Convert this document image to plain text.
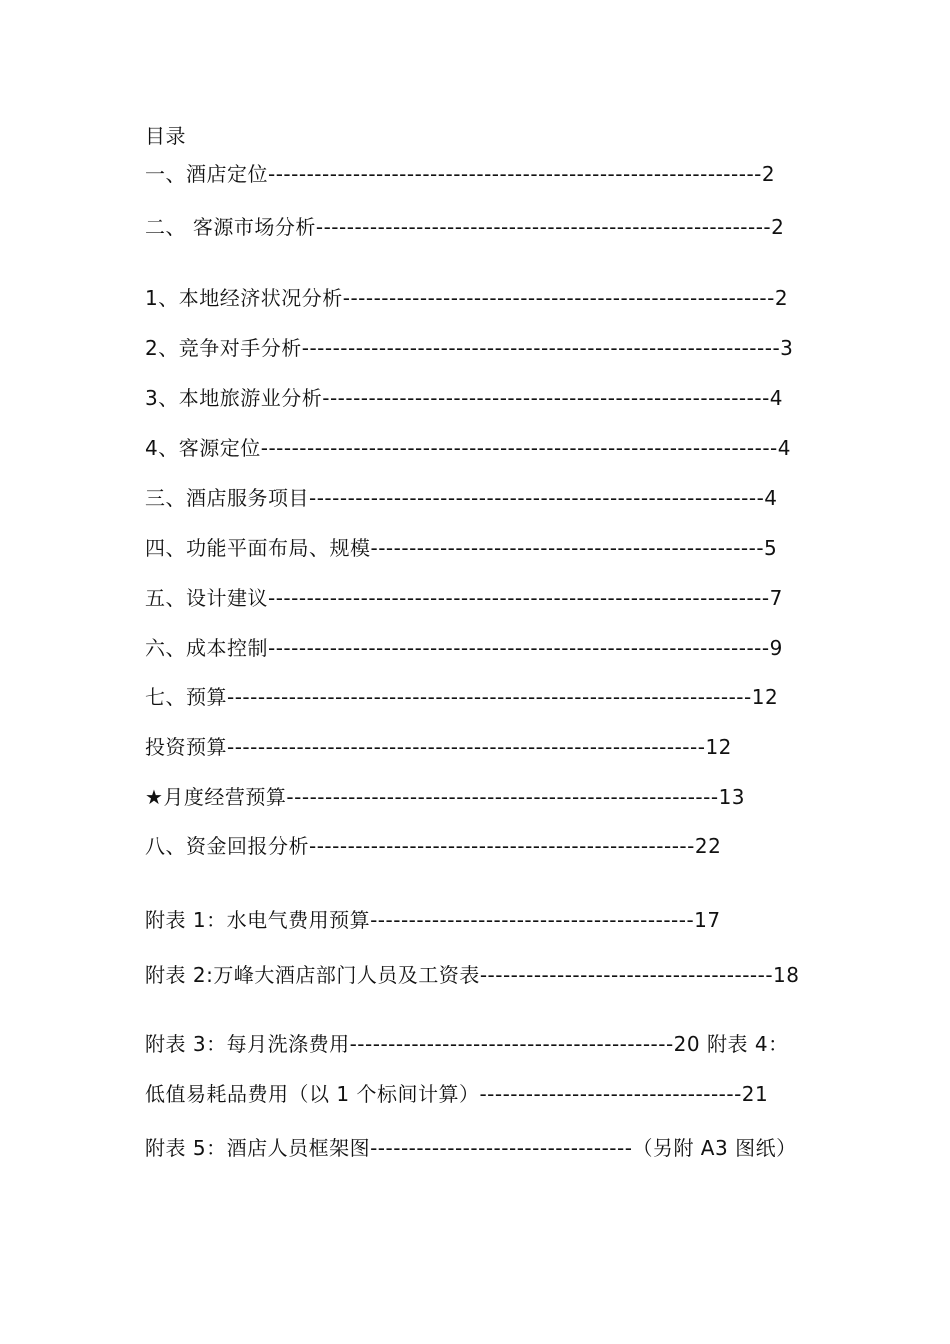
目录
一、酒店定位----------------------------------------------------------------2
二、 客源市场分析-----------------------------------------------------------2
1、本地经济状况分析--------------------------------------------------------2
2、竞争对手分析--------------------------------------------------------------3
3、本地旅游业分析----------------------------------------------------------4
4、客源定位-------------------------------------------------------------------4
三、酒店服务项目-----------------------------------------------------------4
四、功能平面布局、规模---------------------------------------------------5
五、设计建议-----------------------------------------------------------------7
六、成本控制-----------------------------------------------------------------9
七、预算--------------------------------------------------------------------12
投资预算--------------------------------------------------------------12
★月度经营预算--------------------------------------------------------13
八、资金回报分析--------------------------------------------------22
附表 1：水电气费用预算------------------------------------------17
附表 2:万峰大酒店部门人员及工资表--------------------------------------18
附表 3：每月洗涤费用------------------------------------------20 附表 4：
低值易耗品费用（以 1 个标间计算）----------------------------------21
附表 5：酒店人员框架图----------------------------------（另附 A3 图纸）
